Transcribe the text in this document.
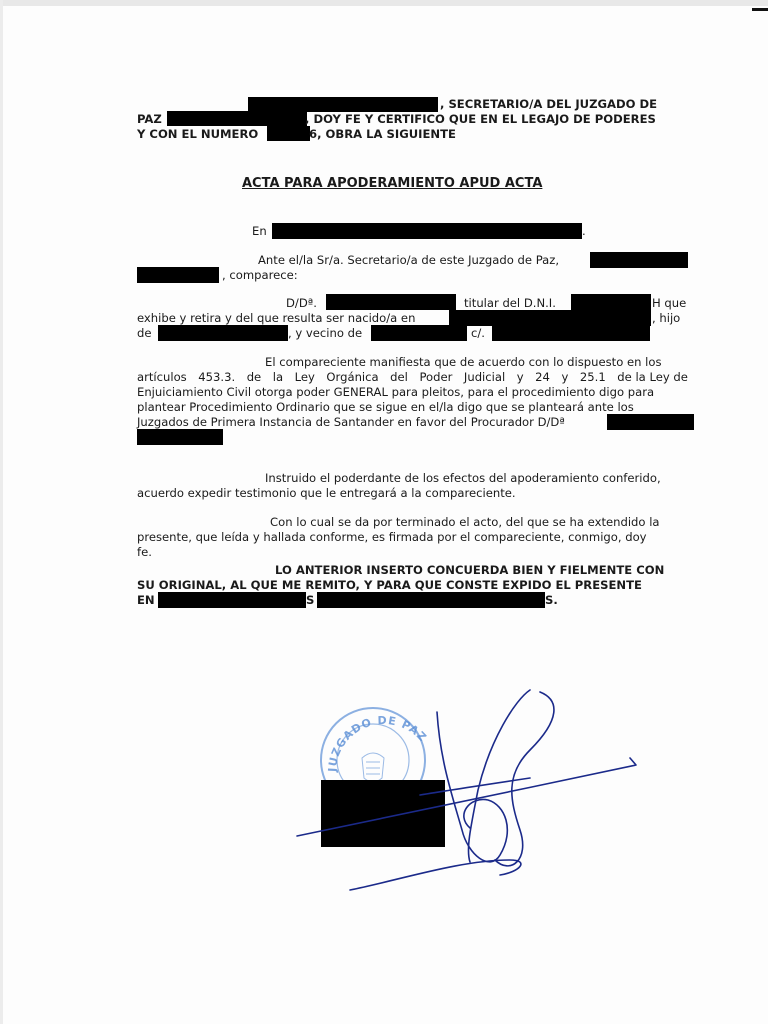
, SECRETARIO/A DEL JUZGADO DE
PAZ	, DOY FE Y CERTIFICO QUE EN EL LEGAJO DE PODERES
Y CON EL NUMERO	6, OBRA LA SIGUIENTE
ACTA PARA APODERAMIENTO APUD ACTA
En	.
Ante el/la Sr/a. Secretario/a de este Juzgado de Paz,
, comparece:
D/Dª.	titular del D.N.I.	H que
exhibe y retira y del que resulta ser nacido/a en	, hijo
de	, y vecino de	c/.
El compareciente manifiesta que de acuerdo con lo dispuesto en los
artículos 453.3. de la Ley Orgánica del Poder Judicial y 24 y 25.1 de la Ley de
Enjuiciamiento Civil otorga poder GENERAL para pleitos, para el procedimiento digo para
plantear Procedimiento Ordinario que se sigue en el/la digo que se planteará ante los
Juzgados de Primera Instancia de Santander en favor del Procurador D/Dª
Instruido el poderdante de los efectos del apoderamiento conferido,
acuerdo expedir testimonio que le entregará a la compareciente.
Con lo cual se da por terminado el acto, del que se ha extendido la
presente, que leída y hallada conforme, es firmada por el compareciente, conmigo, doy
fe.
LO ANTERIOR INSERTO CONCUERDA BIEN Y FIELMENTE CON
SU ORIGINAL, AL QUE ME REMITO, Y PARA QUE CONSTE EXPIDO EL PRESENTE
EN	S	S.
JUZGADO DE PAZ
